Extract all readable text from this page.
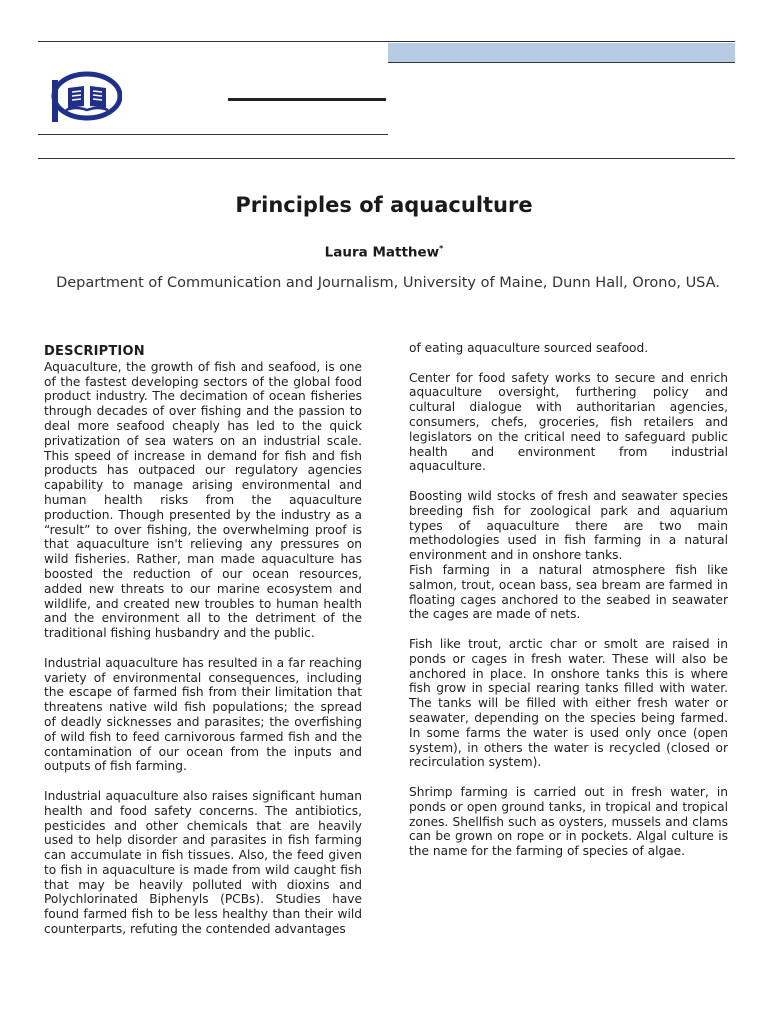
Principles of aquaculture
Laura Matthew*
Department of Communication and Journalism, University of Maine, Dunn Hall, Orono, USA.
DESCRIPTION

Aquaculture, the growth of fish and seafood, is one of the fastest developing sectors of the global food product industry. The decimation of ocean fisheries through decades of over fishing and the passion to deal more seafood cheaply has led to the quick privatization of sea waters on an industrial scale. This speed of increase in demand for fish and fish products has outpaced our regulatory agencies capability to manage arising environmental and human health risks from the aquaculture production. Though presented by the industry as a “result” to over fishing, the overwhelming proof is that aquaculture isn't relieving any pressures on wild fisheries. Rather, man made aquaculture has boosted the reduction of our ocean resources, added new threats to our marine ecosystem and wildlife, and created new troubles to human health and the environment all to the detriment of the traditional fishing husbandry and the public.

Industrial aquaculture has resulted in a far reaching variety of environmental consequences, including the escape of farmed fish from their limitation that threatens native wild fish populations; the spread of deadly sicknesses and parasites; the overfishing of wild fish to feed carnivorous farmed fish and the contamination of our ocean from the inputs and outputs of fish farming.

Industrial aquaculture also raises significant human health and food safety concerns. The antibiotics, pesticides and other chemicals that are heavily used to help disorder and parasites in fish farming can accumulate in fish tissues. Also, the feed given to fish in aquaculture is made from wild caught fish that may be heavily polluted with dioxins and Polychlorinated Biphenyls (PCBs). Studies have found farmed fish to be less healthy than their wild counterparts, refuting the contended advantages

of eating aquaculture sourced seafood.

Center for food safety works to secure and enrich aquaculture oversight, furthering policy and cultural dialogue with authoritarian agencies, consumers, chefs, groceries, fish retailers and legislators on the critical need to safeguard public health and environment from industrial aquaculture.

Boosting wild stocks of fresh and seawater species breeding fish for zoological park and aquarium types of aquaculture there are two main methodologies used in fish farming in a natural environment and in onshore tanks.

Fish farming in a natural atmosphere fish like salmon, trout, ocean bass, sea bream are farmed in floating cages anchored to the seabed in seawater the cages are made of nets.

Fish like trout, arctic char or smolt are raised in ponds or cages in fresh water. These will also be anchored in place. In onshore tanks this is where fish grow in special rearing tanks filled with water. The tanks will be filled with either fresh water or seawater, depending on the species being farmed. In some farms the water is used only once (open system), in others the water is recycled (closed or recirculation system).

Shrimp farming is carried out in fresh water, in ponds or open ground tanks, in tropical and tropical zones. Shellfish such as oysters, mussels and clams can be grown on rope or in pockets. Algal culture is the name for the farming of species of algae.
